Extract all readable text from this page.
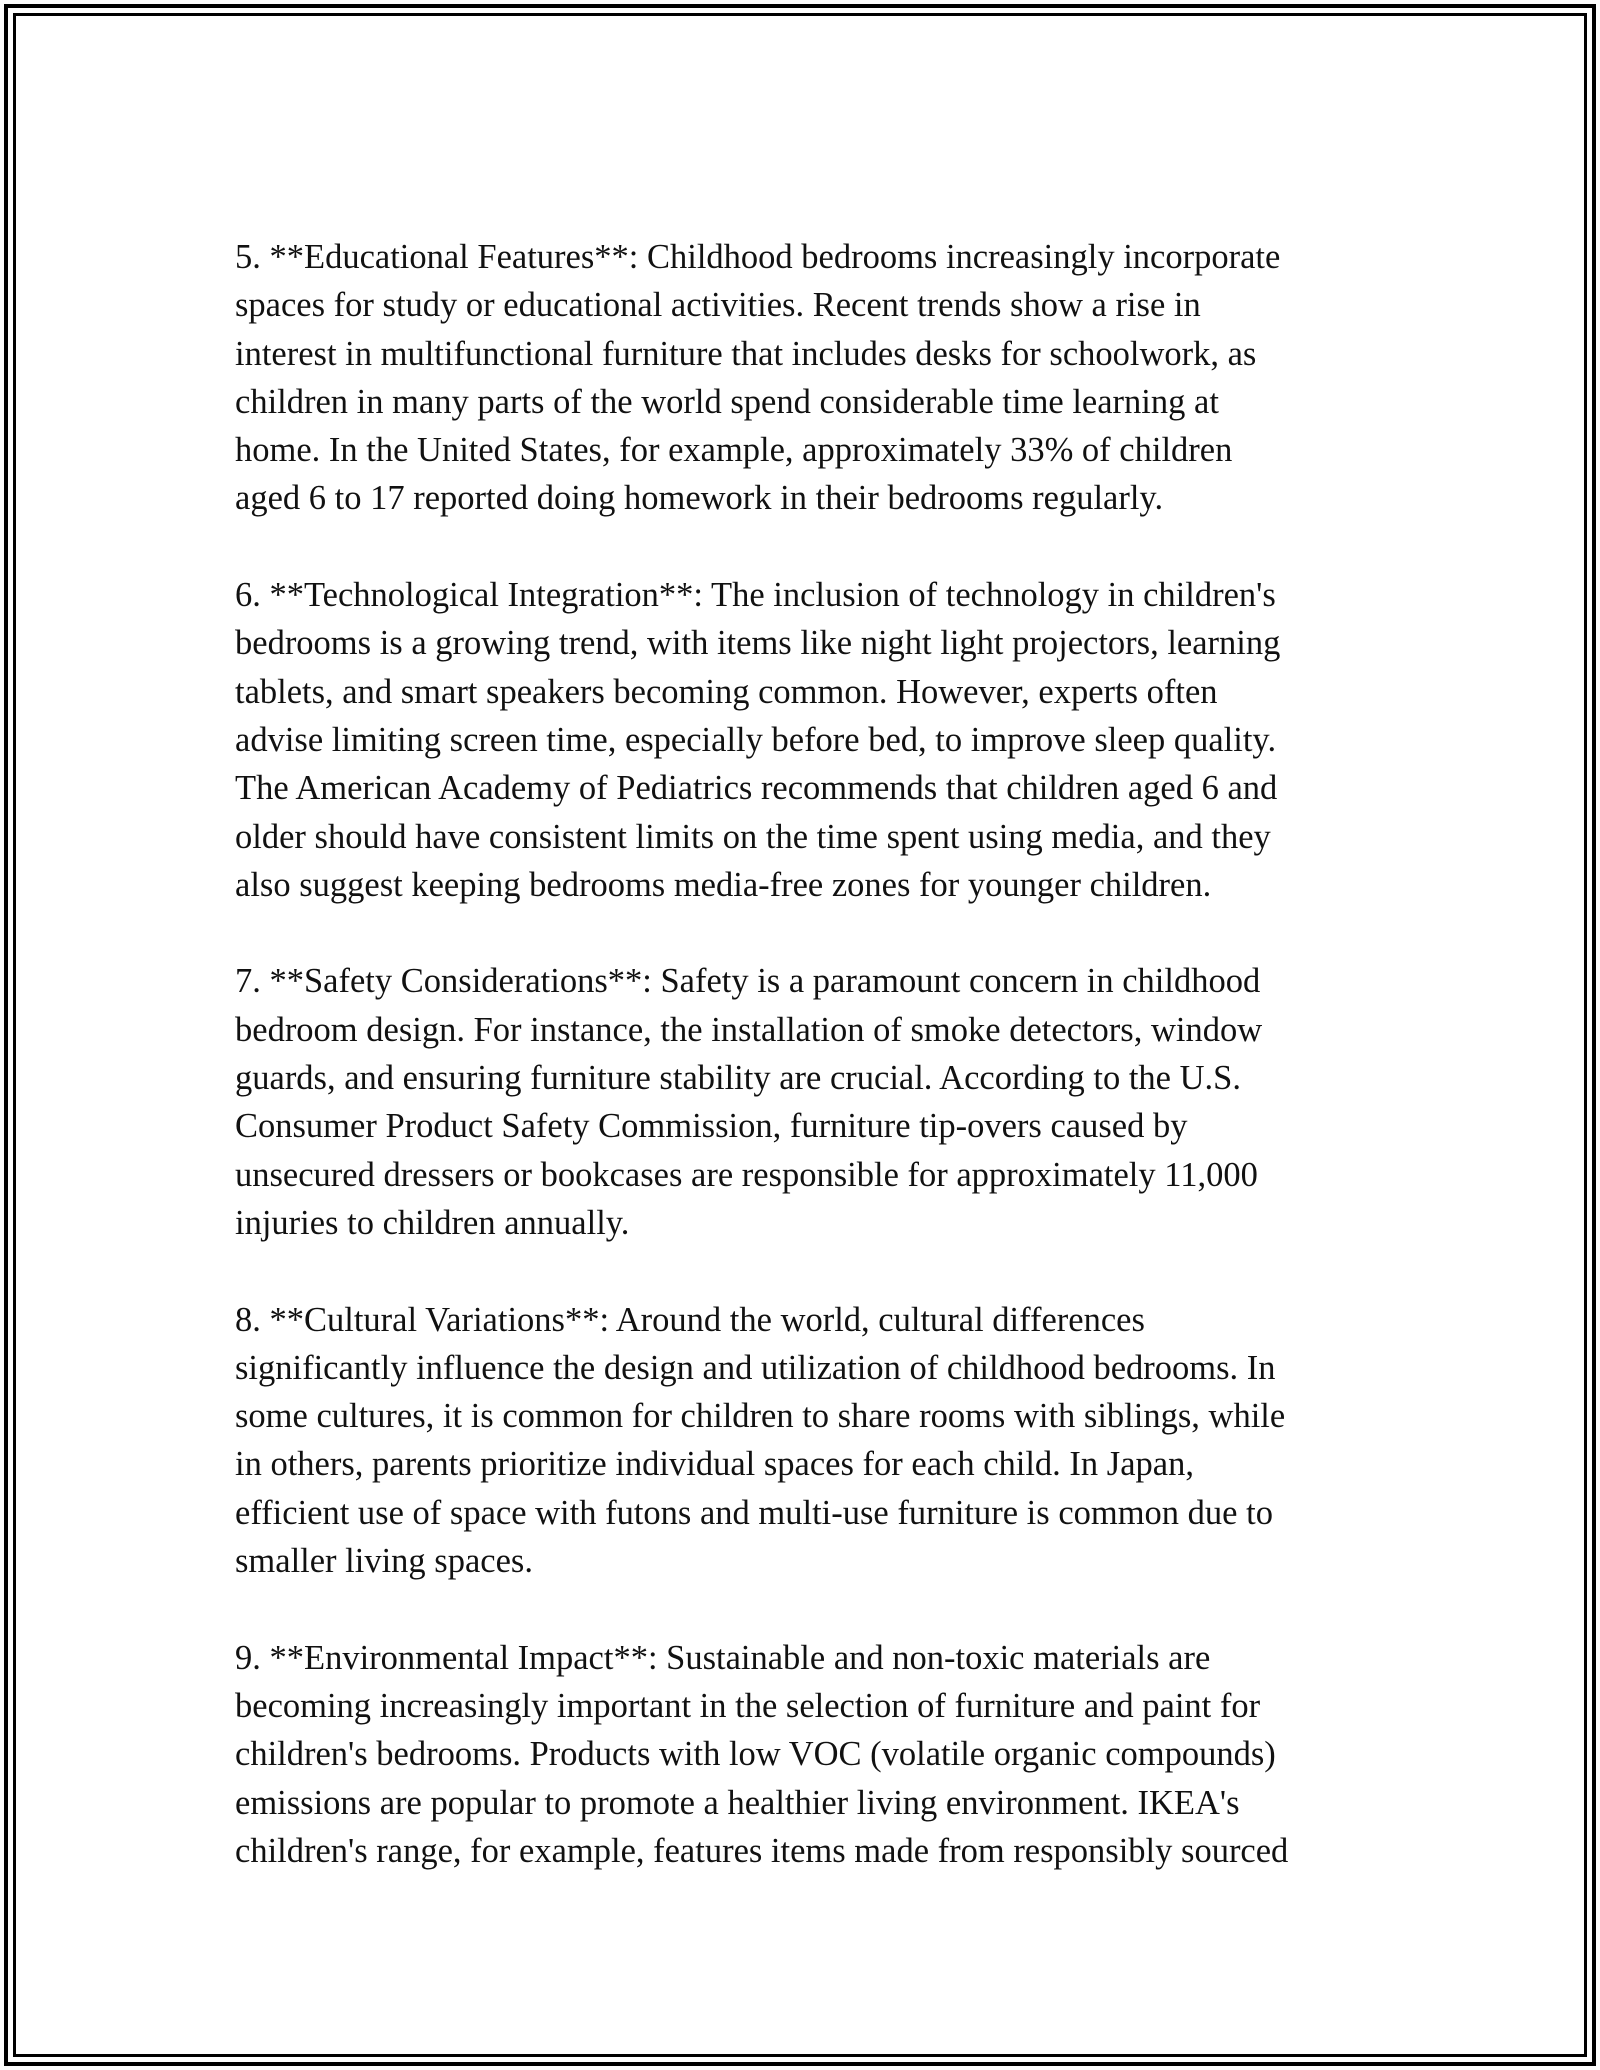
5. **Educational Features**: Childhood bedrooms increasingly incorporate
spaces for study or educational activities. Recent trends show a rise in
interest in multifunctional furniture that includes desks for schoolwork, as
children in many parts of the world spend considerable time learning at
home. In the United States, for example, approximately 33% of children
aged 6 to 17 reported doing homework in their bedrooms regularly.
6. **Technological Integration**: The inclusion of technology in children's
bedrooms is a growing trend, with items like night light projectors, learning
tablets, and smart speakers becoming common. However, experts often
advise limiting screen time, especially before bed, to improve sleep quality.
The American Academy of Pediatrics recommends that children aged 6 and
older should have consistent limits on the time spent using media, and they
also suggest keeping bedrooms media-free zones for younger children.
7. **Safety Considerations**: Safety is a paramount concern in childhood
bedroom design. For instance, the installation of smoke detectors, window
guards, and ensuring furniture stability are crucial. According to the U.S.
Consumer Product Safety Commission, furniture tip-overs caused by
unsecured dressers or bookcases are responsible for approximately 11,000
injuries to children annually.
8. **Cultural Variations**: Around the world, cultural differences
significantly influence the design and utilization of childhood bedrooms. In
some cultures, it is common for children to share rooms with siblings, while
in others, parents prioritize individual spaces for each child. In Japan,
efficient use of space with futons and multi-use furniture is common due to
smaller living spaces.
9. **Environmental Impact**: Sustainable and non-toxic materials are
becoming increasingly important in the selection of furniture and paint for
children's bedrooms. Products with low VOC (volatile organic compounds)
emissions are popular to promote a healthier living environment. IKEA's
children's range, for example, features items made from responsibly sourced
